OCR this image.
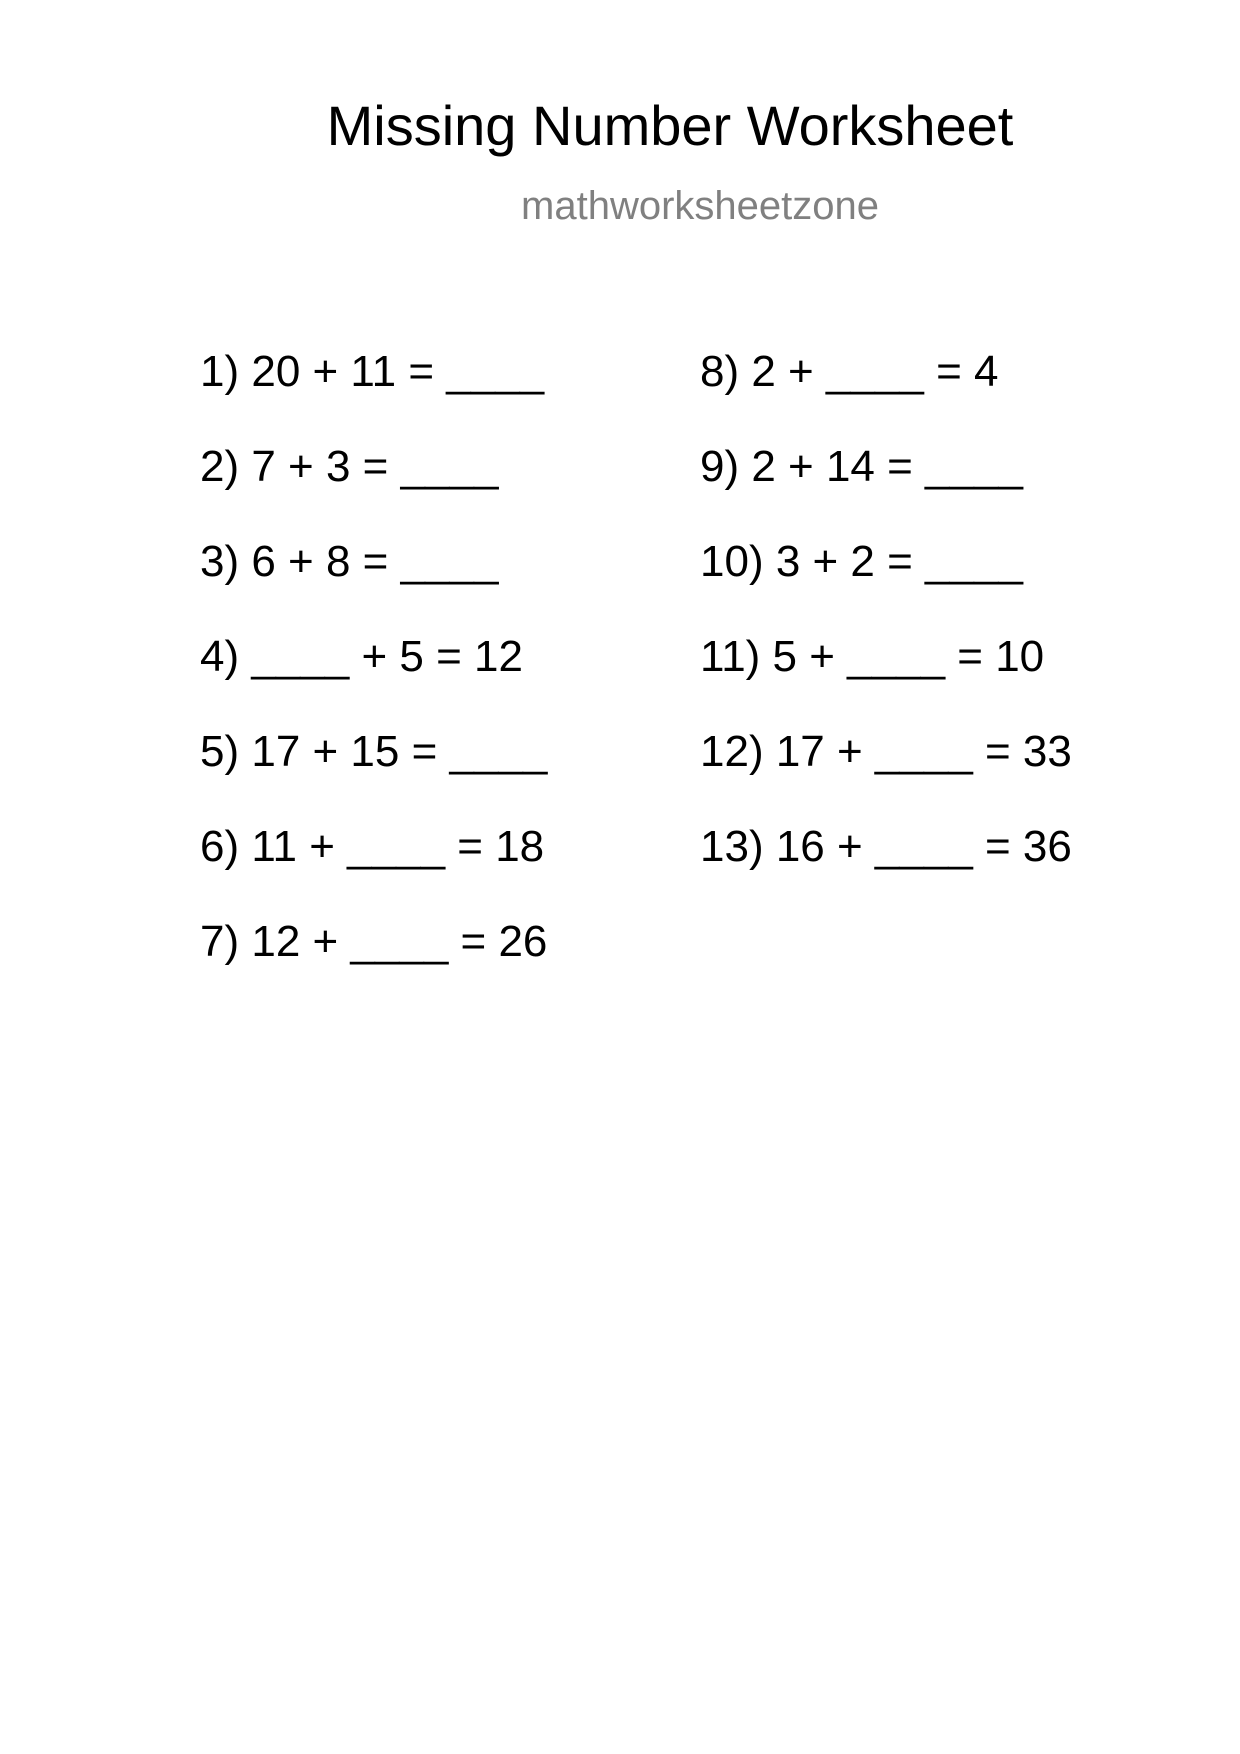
Missing Number Worksheet
mathworksheetzone
1) 20 + 11 = ____
2) 7 + 3 = ____
3) 6 + 8 = ____
4) ____ + 5 = 12
5) 17 + 15 = ____
6) 11 + ____ = 18
7) 12 + ____ = 26
8) 2 + ____ = 4
9) 2 + 14 = ____
10) 3 + 2 = ____
11) 5 + ____ = 10
12) 17 + ____ = 33
13) 16 + ____ = 36
